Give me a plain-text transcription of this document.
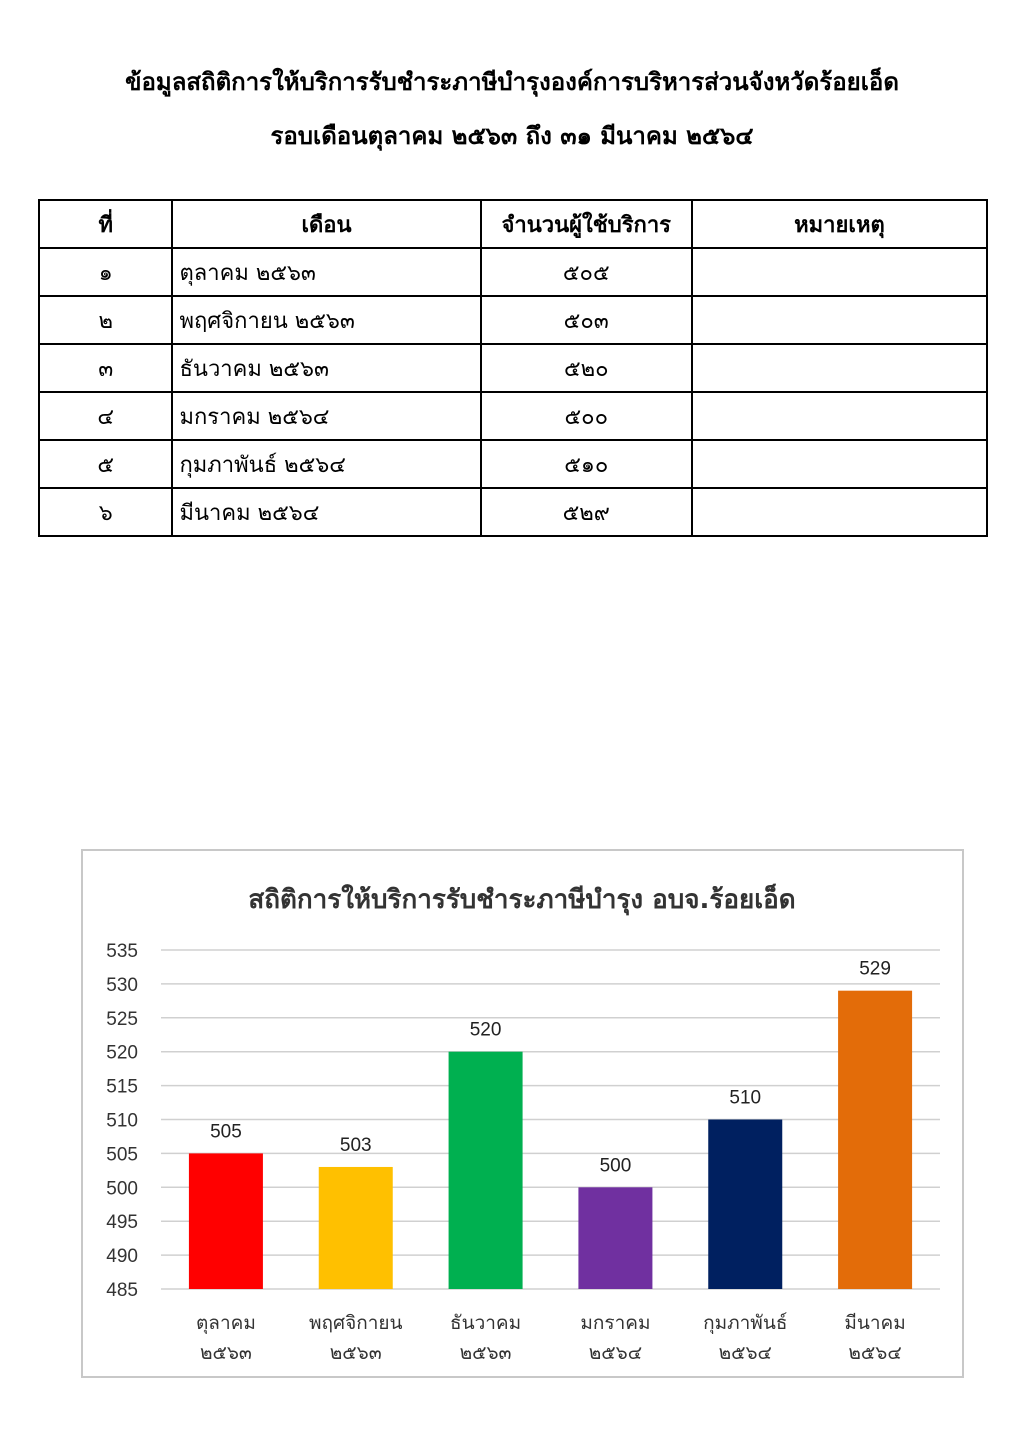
ข้อมูลสถิติการให้บริการรับชำระภาษีบำรุงองค์การบริหารส่วนจังหวัดร้อยเอ็ด
รอบเดือนตุลาคม ๒๕๖๓ ถึง ๓๑ มีนาคม ๒๕๖๔
ที่	เดือน	จำนวนผู้ใช้บริการ	หมายเหตุ
๑	ตุลาคม ๒๕๖๓	๕๐๕	
๒	พฤศจิกายน ๒๕๖๓	๕๐๓	
๓	ธันวาคม ๒๕๖๓	๕๒๐	
๔	มกราคม ๒๕๖๔	๕๐๐	
๕	กุมภาพันธ์ ๒๕๖๔	๕๑๐	
๖	มีนาคม ๒๕๖๔	๕๒๙	
สถิติการให้บริการรับชำระภาษีบำรุง อบจ.ร้อยเอ็ด
485
490
495
500
505
510
515
520
525
530
535
505
503
520
500
510
529
ตุลาคม
๒๕๖๓
พฤศจิกายน
๒๕๖๓
ธันวาคม
๒๕๖๓
มกราคม
๒๕๖๔
กุมภาพันธ์
๒๕๖๔
มีนาคม
๒๕๖๔
